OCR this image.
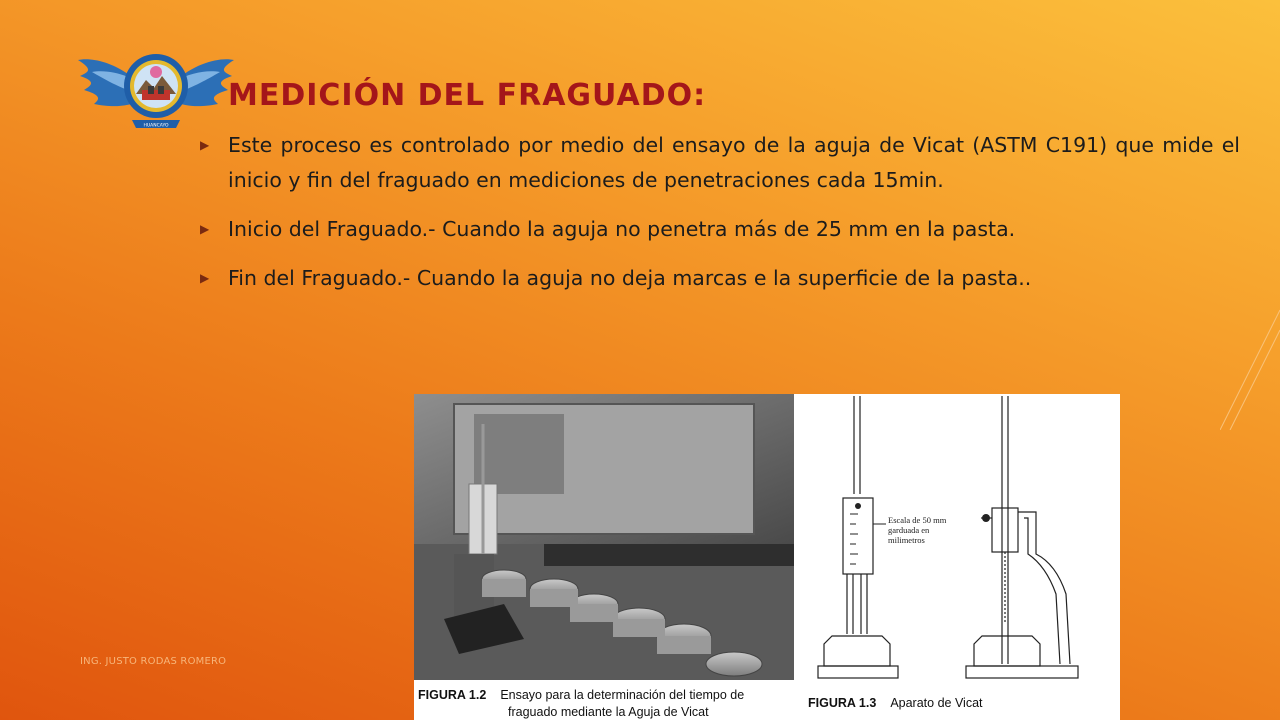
HUANCAYO
MEDICIÓN DEL FRAGUADO:
▶ Este proceso es controlado por medio del ensayo de la aguja de Vicat (ASTM C191) que mide el inicio y fin del fraguado en mediciones de penetraciones cada 15min.
▶ Inicio del Fraguado.- Cuando la aguja no penetra más de 25 mm en la pasta.
▶ Fin del Fraguado.- Cuando la aguja no deja marcas e la superficie de la pasta..
ING. JUSTO RODAS ROMERO
FIGURA 1.2 Ensayo para la determinación del tiempo de
fraguado mediante la Aguja de Vicat
Escala de 50 mm
garduada en
milimetros
FIGURA 1.3 Aparato de Vicat
